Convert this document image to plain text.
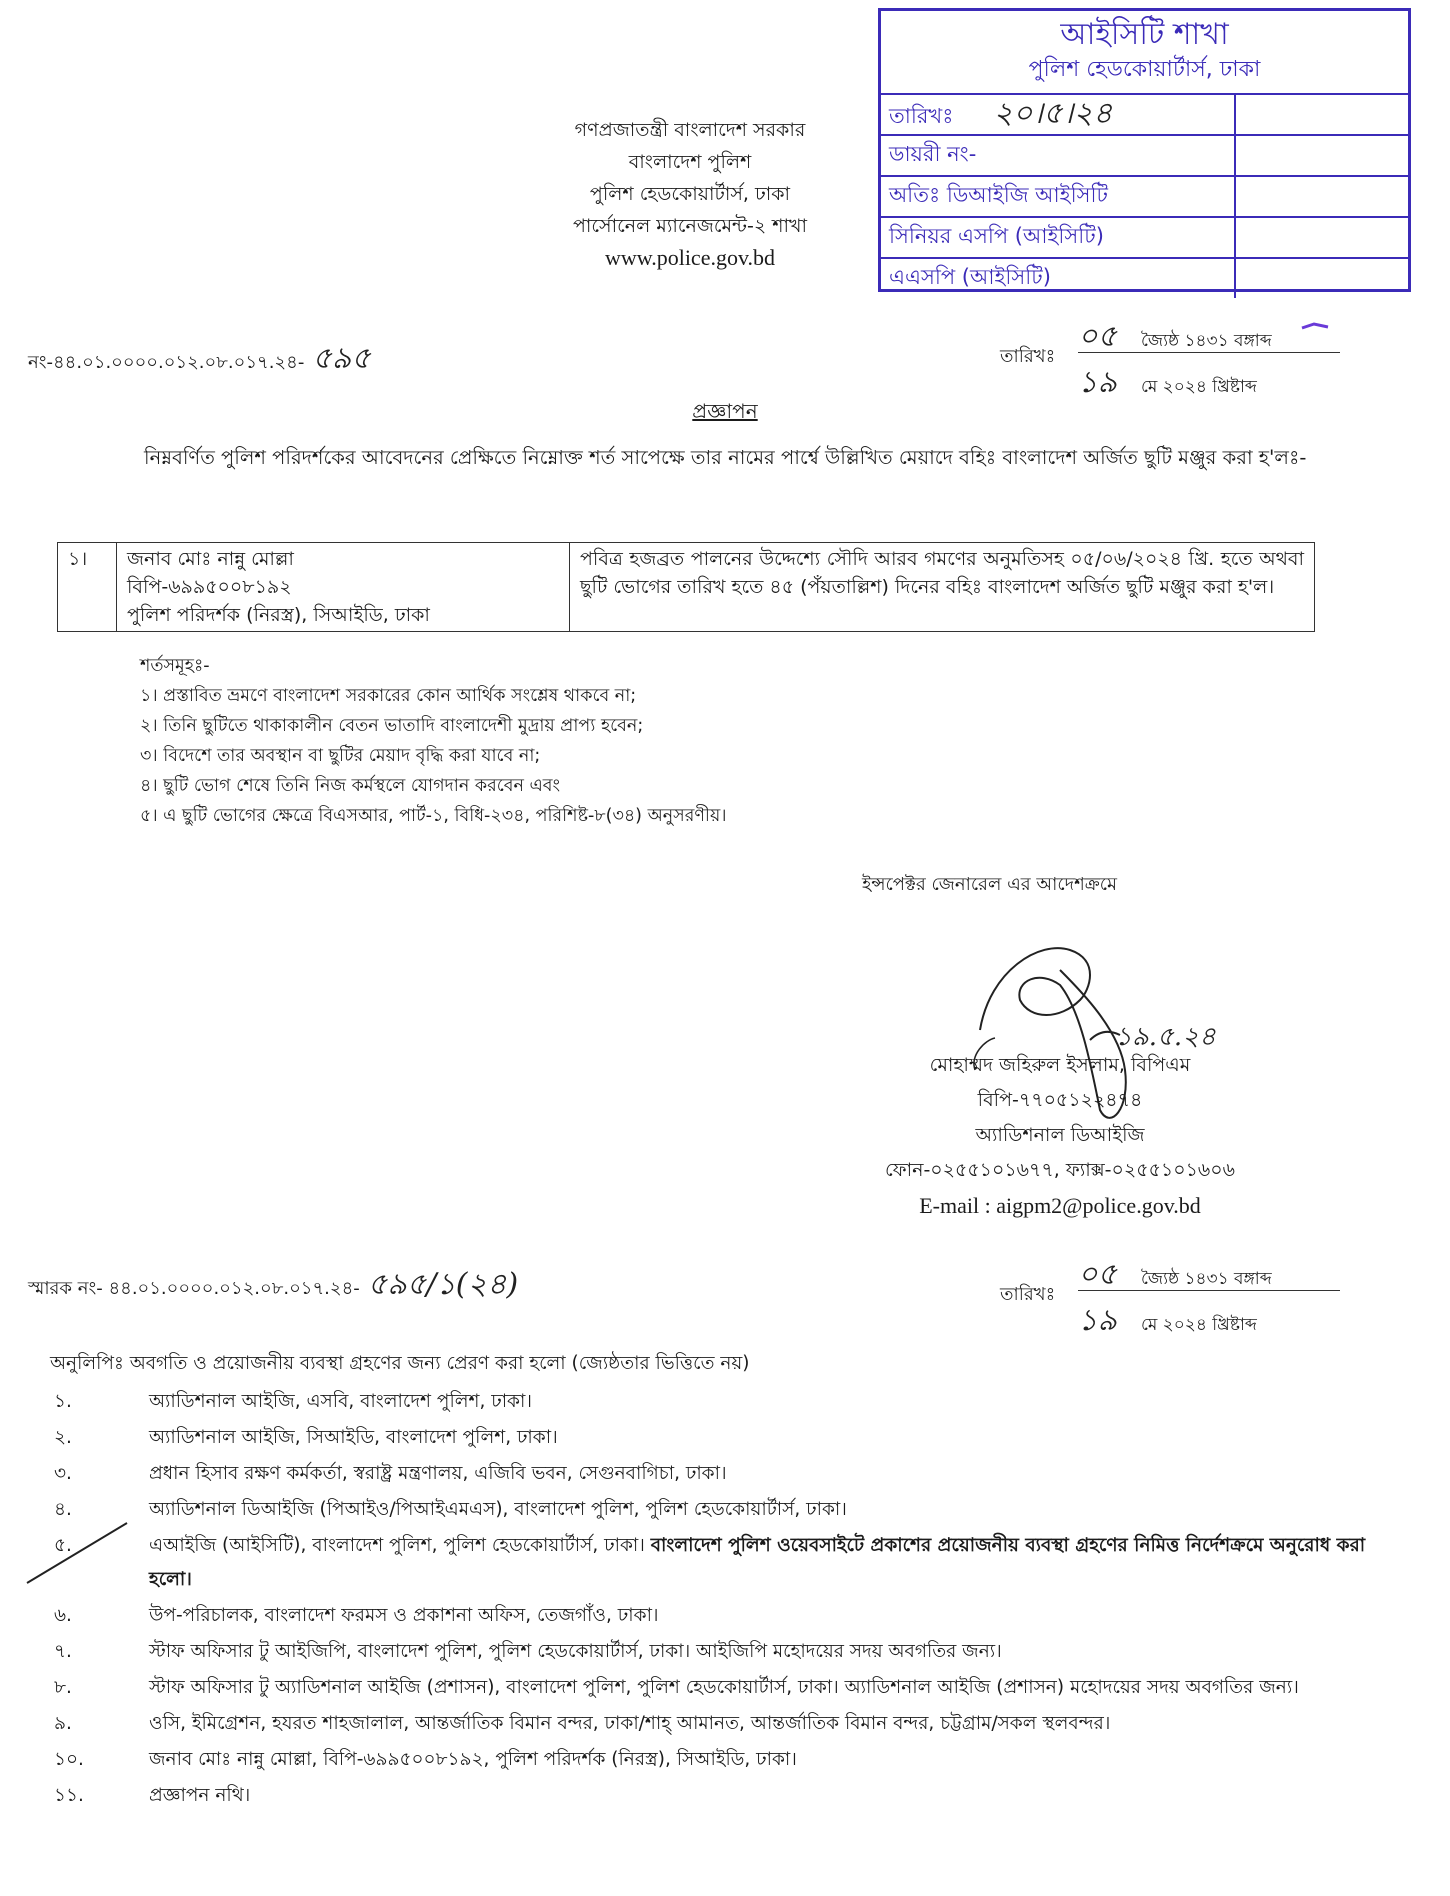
আইসিটি শাখা
পুলিশ হেডকোয়ার্টার্স, ঢাকা
তারিখঃ ২০।৫।২৪
ডায়রী নং-
অতিঃ ডিআইজি আইসিটি
সিনিয়র এসপি (আইসিটি)
এএসপি (আইসিটি)
গণপ্রজাতন্ত্রী বাংলাদেশ সরকার
বাংলাদেশ পুলিশ
পুলিশ হেডকোয়ার্টার্স, ঢাকা
পার্সোনেল ম্যানেজমেন্ট-২ শাখা
www.police.gov.bd
নং-৪৪.০১.০০০০.০১২.০৮.০১৭.২৪- ৫৯৫	তারিখঃ
০৫ জ্যৈষ্ঠ ১৪৩১ বঙ্গাব্দ
১৯ মে ২০২৪ খ্রিষ্টাব্দ
প্রজ্ঞাপন
নিম্নবর্ণিত পুলিশ পরিদর্শকের আবেদনের প্রেক্ষিতে নিম্নোক্ত শর্ত সাপেক্ষে তার নামের পার্শ্বে উল্লিখিত মেয়াদে বহিঃ বাংলাদেশ অর্জিত ছুটি মঞ্জুর করা হ'লঃ-
১।	জনাব মোঃ নান্নু মোল্লা
বিপি-৬৯৯৫০০৮১৯২
পুলিশ পরিদর্শক (নিরস্ত্র), সিআইডি, ঢাকা
	পবিত্র হজব্রত পালনের উদ্দেশ্যে সৌদি আরব গমণের অনুমতিসহ ০৫/০৬/২০২৪ খ্রি. হতে অথবা ছুটি ভোগের তারিখ হতে ৪৫ (পঁয়তাল্লিশ) দিনের বহিঃ বাংলাদেশ অর্জিত ছুটি মঞ্জুর করা হ'ল।
শর্তসমূহঃ-
১। প্রস্তাবিত ভ্রমণে বাংলাদেশ সরকারের কোন আর্থিক সংশ্লেষ থাকবে না;
২। তিনি ছুটিতে থাকাকালীন বেতন ভাতাদি বাংলাদেশী মুদ্রায় প্রাপ্য হবেন;
৩। বিদেশে তার অবস্থান বা ছুটির মেয়াদ বৃদ্ধি করা যাবে না;
৪। ছুটি ভোগ শেষে তিনি নিজ কর্মস্থলে যোগদান করবেন এবং
৫। এ ছুটি ভোগের ক্ষেত্রে বিএসআর, পার্ট-১, বিধি-২৩৪, পরিশিষ্ট-৮(৩৪) অনুসরণীয়।
ইন্সপেক্টর জেনারেল এর আদেশক্রমে
১৯.৫.২৪
মোহাম্মদ জহিরুল ইসলাম, বিপিএম
বিপি-৭৭০৫১২২৪৭৪
অ্যাডিশনাল ডিআইজি
ফোন-০২৫৫১০১৬৭৭, ফ্যাক্স-০২৫৫১০১৬০৬
E-mail : aigpm2@police.gov.bd
স্মারক নং- ৪৪.০১.০০০০.০১২.০৮.০১৭.২৪- ৫৯৫/১(২৪)	তারিখঃ
০৫ জ্যৈষ্ঠ ১৪৩১ বঙ্গাব্দ
১৯ মে ২০২৪ খ্রিষ্টাব্দ
অনুলিপিঃ অবগতি ও প্রয়োজনীয় ব্যবস্থা গ্রহণের জন্য প্রেরণ করা হলো (জ্যেষ্ঠতার ভিত্তিতে নয়)
১.	অ্যাডিশনাল আইজি, এসবি, বাংলাদেশ পুলিশ, ঢাকা।
২.	অ্যাডিশনাল আইজি, সিআইডি, বাংলাদেশ পুলিশ, ঢাকা।
৩.	প্রধান হিসাব রক্ষণ কর্মকর্তা, স্বরাষ্ট্র মন্ত্রণালয়, এজিবি ভবন, সেগুনবাগিচা, ঢাকা।
৪.	অ্যাডিশনাল ডিআইজি (পিআইও/পিআইএমএস), বাংলাদেশ পুলিশ, পুলিশ হেডকোয়ার্টার্স, ঢাকা।
৫.	এআইজি (আইসিটি), বাংলাদেশ পুলিশ, পুলিশ হেডকোয়ার্টার্স, ঢাকা। বাংলাদেশ পুলিশ ওয়েবসাইটে প্রকাশের প্রয়োজনীয় ব্যবস্থা গ্রহণের নিমিত্ত নির্দেশক্রমে অনুরোধ করা হলো।
৬.	উপ-পরিচালক, বাংলাদেশ ফরমস ও প্রকাশনা অফিস, তেজগাঁও, ঢাকা।
৭.	স্টাফ অফিসার টু আইজিপি, বাংলাদেশ পুলিশ, পুলিশ হেডকোয়ার্টার্স, ঢাকা। আইজিপি মহোদয়ের সদয় অবগতির জন্য।
৮.	স্টাফ অফিসার টু অ্যাডিশনাল আইজি (প্রশাসন), বাংলাদেশ পুলিশ, পুলিশ হেডকোয়ার্টার্স, ঢাকা। অ্যাডিশনাল আইজি (প্রশাসন) মহোদয়ের সদয় অবগতির জন্য।
৯.	ওসি, ইমিগ্রেশন, হযরত শাহজালাল, আন্তর্জাতিক বিমান বন্দর, ঢাকা/শাহ্ আমানত, আন্তর্জাতিক বিমান বন্দর, চট্টগ্রাম/সকল স্থলবন্দর।
১০.	জনাব মোঃ নান্নু মোল্লা, বিপি-৬৯৯৫০০৮১৯২, পুলিশ পরিদর্শক (নিরস্ত্র), সিআইডি, ঢাকা।
১১.	প্রজ্ঞাপন নথি।
